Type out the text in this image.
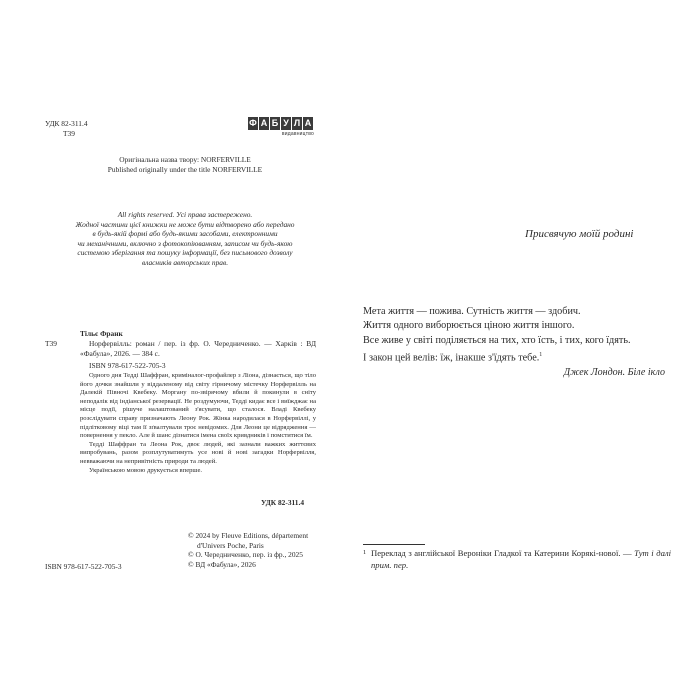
УДК 82-311.4
Т39
Ф А Б У Л А
видавництво
Оригінальна назва твору: NORFERVILLE
Published originally under the title NORFERVILLE
All rights reserved. Усі права застережено.
Жодної частини цієї книжки не може бути відтворено або передано
в будь-якій формі або будь-якими засобами, електронними
чи механічними, включно з фотокопіюванням, записом чи будь-якою
системою зберігання та пошуку інформації, без письмового дозволу
власників авторських прав.
Тільє Франк
Т39	Норфервілль: роман / пер. із фр. О. Чередниченко. — Харків : ВД «Фабула», 2026. — 384 с.
ISBN 978-617-522-705-3

Одного дня Тедді Шаффран, криміналог-профайлер з Ліона, дізнається, що тіло його дочки знайшли у віддаленому від світу гірничому містечку Норфервілль на Далекій Півночі Квебеку. Моргану по-звірячому вбили й покинули в сніту неподалік від індіанської резервації. Не роздумуючи, Тедді кидає все і виїжджає на місце події, рішуче налаштований з'ясувати, що сталося. Владі Квебеку розслідувати справу призначають Леону Рок. Жінка народилася в Норфервіллі, у підлітковому віці там її зґвалтували троє невідомих. Для Леони це відрядження — повернення у пекло. Але й шанс дізнатися імена своїх кривдників і помститися їм.

Тедді Шаффран та Леона Рок, двоє людей, які зазнали важких життєвих випробувань, разом розплутуватимуть усе нові й нові загадки Норфервілля, невважаючи на непривітність природи та людей.

Українською мовою друкується вперше.

УДК 82-311.4
ISBN 978-617-522-705-3
© 2024 by Fleuve Editions, département
d'Univers Poche, Paris
© О. Чередниченко, пер. із фр., 2025
© ВД «Фабула», 2026
Присвячую моїй родині
Мета життя — пожива. Сутність життя — здобич.
Життя одного виборюється ціною життя іншого.
Все живе у світі поділяється на тих, хто їсть, і тих, кого їдять.
І закон цей велів: їж, інакше з'їдять тебе.$^1$
Джек Лондон. Біле ікло
1 Переклад з англійської Вероніки Гладкої та Катерини Корякі-нової. — Тут і далі прим. пер.
